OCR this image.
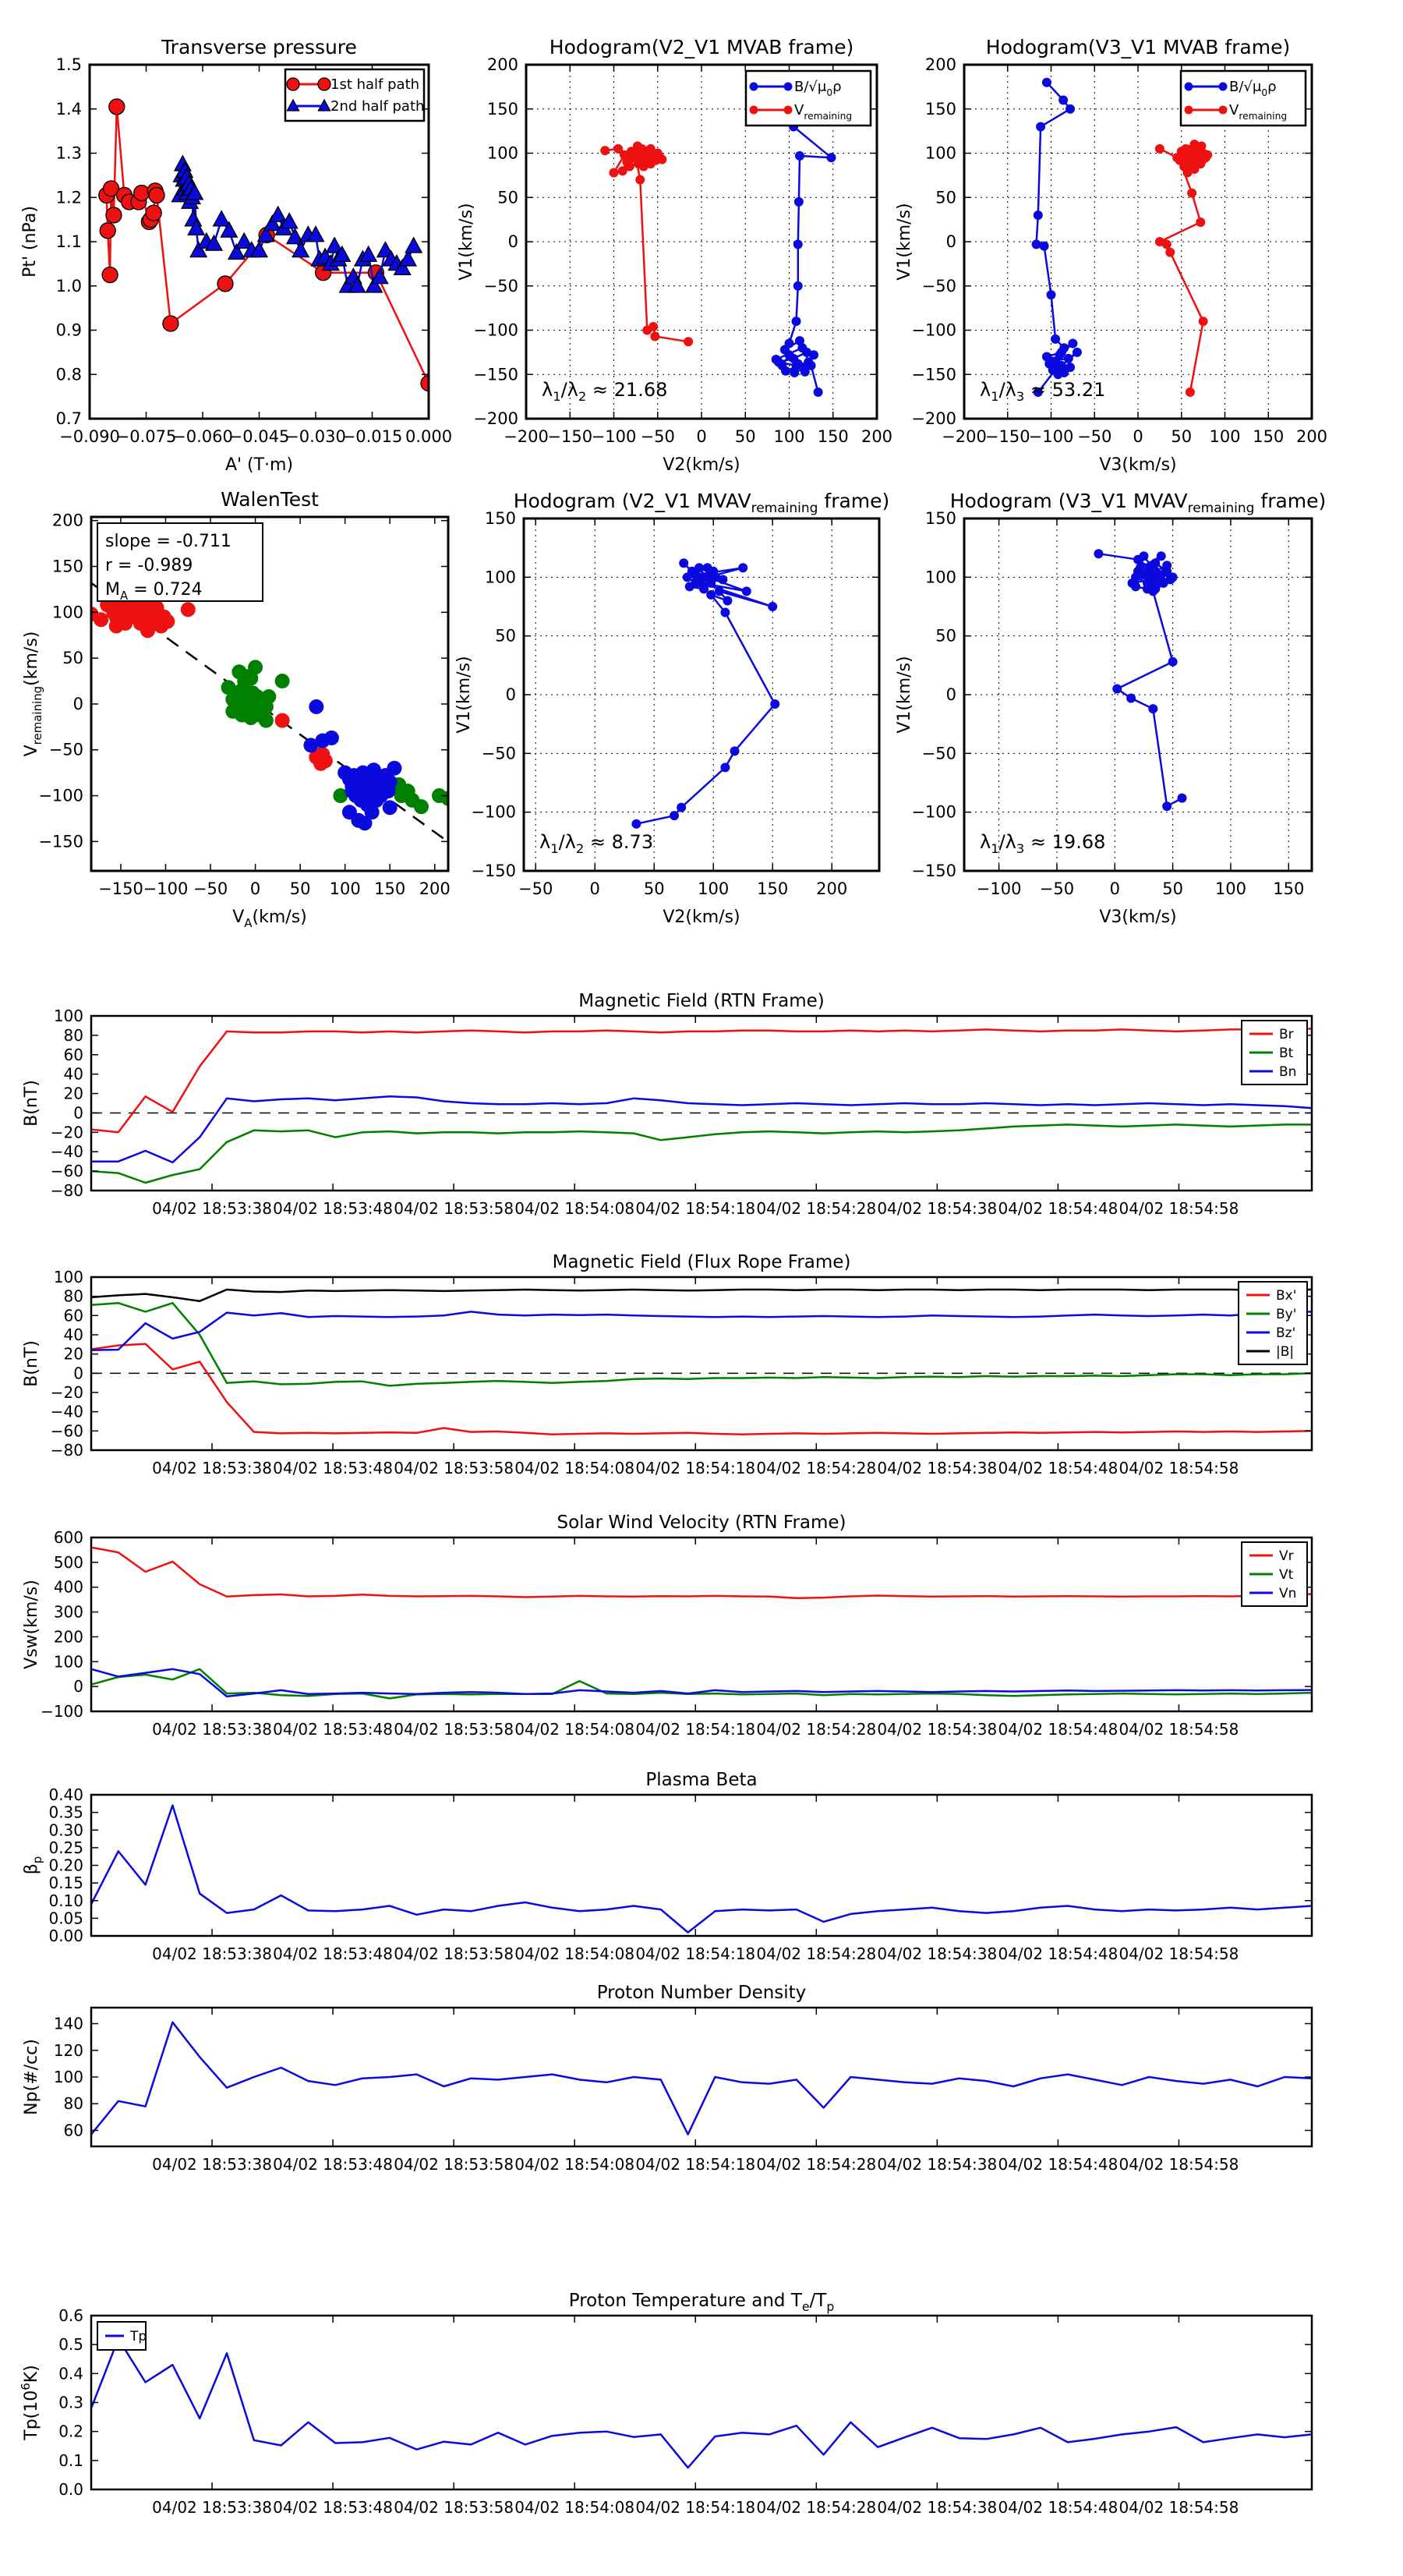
−0.090
−0.075
−0.060
−0.045
−0.030
−0.015 0.000
0.7
0.8
0.9
1.0
1.1
1.2
1.3
1.4
1.5
Transverse pressure
A' (T·m)
Pt' (nPa)
1st half path
2nd half path
−200
−150
−100 −50 0 50 100 150 200
−200
−150
−100
−50
0
50
100
150
200
Hodogram(V2_V1 MVAB frame)
V2(km/s)
V1(km/s)
$\lambda_1/\lambda_2 \approx 21.68$
$B/√\mu_0\rho$
$V_{remaining}$
−200
−150
−100 −50 0 50 100 150 200
−200
−150
−100
−50
0
50
100
150
200
Hodogram(V3_V1 MVAB frame)
V3(km/s)
V1(km/s)
$\lambda_1/\lambda_3 \approx 53.21$
$B/√\mu_0\rho$
$V_{remaining}$
−150 −100 −50 0 50 100 150 200
−150
−100
−50
0
50
100
150
200
WalenTest
$V_A(km/s)$
$V_{remaining}(km/s)$
slope = -0.711
r = -0.989
$M_A = 0.724$
−50 0	50 100 150 200
−150
−100
−50
0
50
100
150
Hodogram (V2_V1 $MVAV_{remaining}$ frame)
V2(km/s)
V1(km/s)
$\lambda_1/\lambda_2 \approx 8.73$
−100 −50 0	50 100 150
−150
−100
−50
0
50
100
150
Hodogram (V3_V1 $MVAV_{remaining}$ frame)
V3(km/s)
V1(km/s)
$\lambda_1/\lambda_3 \approx 19.68$
04/02 18:53:38 04/02 18:53:48 04/02 18:53:58 04/02 18:54:08 04/02 18:54:18 04/02 18:54:28 04/02 18:54:38 04/02 18:54:48 04/02 18:54:58
−80
−60
−40
−20
0
20
40
60
80
100
Magnetic Field (RTN Frame)
B(nT)
Br
Bt
Bn
04/02 18:53:38 04/02 18:53:48 04/02 18:53:58 04/02 18:54:08 04/02 18:54:18 04/02 18:54:28 04/02 18:54:38 04/02 18:54:48 04/02 18:54:58
−80
−60
−40
−20
0
20
40
60
80
100
Magnetic Field (Flux Rope Frame)
B(nT)
Bx'
By'
Bz'
|B|
04/02 18:53:38 04/02 18:53:48 04/02 18:53:58 04/02 18:54:08 04/02 18:54:18 04/02 18:54:28 04/02 18:54:38 04/02 18:54:48 04/02 18:54:58
−100
0
100
200
300
400
500
600
Solar Wind Velocity (RTN Frame)
Vsw(km/s)
Vr
Vt
Vn
04/02 18:53:38 04/02 18:53:48 04/02 18:53:58 04/02 18:54:08 04/02 18:54:18 04/02 18:54:28 04/02 18:54:38 04/02 18:54:48 04/02 18:54:58
0.00
0.05
0.10
0.15
0.20
0.25
0.30
0.35
0.40
Plasma Beta
$\beta_p$
04/02 18:53:38 04/02 18:53:48 04/02 18:53:58 04/02 18:54:08 04/02 18:54:18 04/02 18:54:28 04/02 18:54:38 04/02 18:54:48 04/02 18:54:58
60
80
100
120
140
Proton Number Density
Np(#/cc)
04/02 18:53:38 04/02 18:53:48 04/02 18:53:58 04/02 18:54:08 04/02 18:54:18 04/02 18:54:28 04/02 18:54:38 04/02 18:54:48 04/02 18:54:58
0.0
0.1
0.2
0.3
0.4
0.5
0.6
Proton Temperature and $T_e/T_p$
$Tp(10^6K)$
Tp
